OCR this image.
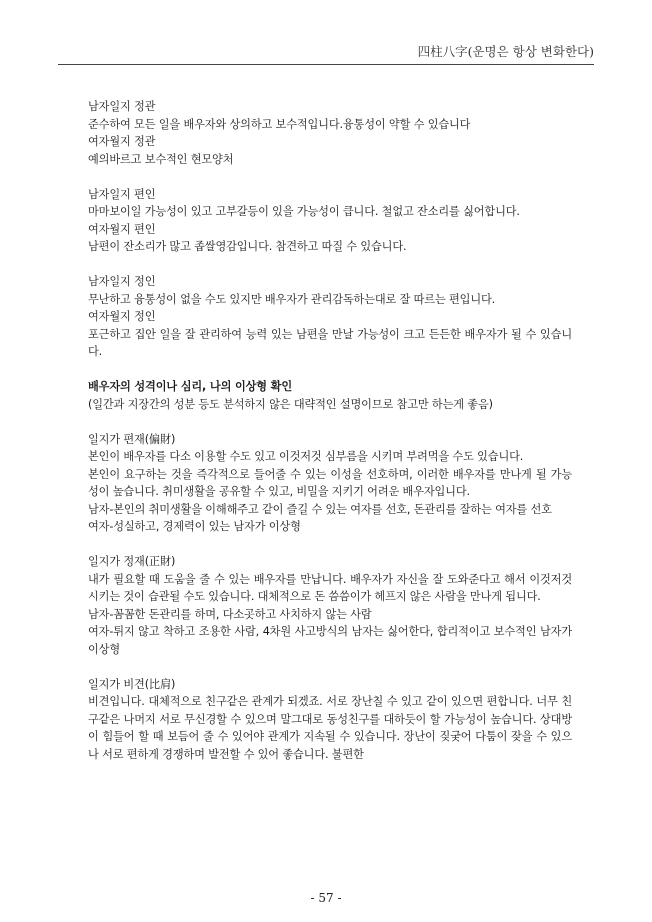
四柱八字(운명은 항상 변화한다)

남자일지 정관

준수하여 모든 일을 배우자와 상의하고 보수적입니다.융통성이 약할 수 있습니다

여자월지 정관

예의바르고 보수적인 현모양처

남자일지 편인

마마보이일 가능성이 있고 고부갈등이 있을 가능성이 큽니다. 철없고 잔소리를 싫어합니다.

여자월지 편인

남편이 잔소리가 많고 좁쌀영감입니다. 참견하고 따질 수 있습니다.

남자일지 정인

무난하고 융통성이 없을 수도 있지만 배우자가 관리감독하는대로 잘 따르는 편입니다.

여자월지 정인

포근하고 집안 일을 잘 관리하여 능력 있는 남편을 만날 가능성이 크고 든든한 배우자가 될 수 있습니다.

배우자의 성격이나 심리, 나의 이상형 확인

(일간과 지장간의 성분 등도 분석하지 않은 대략적인 설명이므로 참고만 하는게 좋음)

일지가 편재(偏財)

본인이 배우자를 다소 이용할 수도 있고 이것저것 심부름을 시키며 부려먹을 수도 있습니다.

본인이 요구하는 것을 즉각적으로 들어줄 수 있는 이성을 선호하며, 이러한 배우자를 만나게 될 가능성이 높습니다. 취미생활을 공유할 수 있고, 비밀을 지키기 어려운 배우자입니다.

남자-본인의 취미생활을 이해해주고 같이 즐길 수 있는 여자를 선호, 돈관리를 잘하는 여자를 선호

여자-성실하고, 경제력이 있는 남자가 이상형

일지가 정재(正財)

내가 필요할 때 도움을 줄 수 있는 배우자를 만납니다. 배우자가 자신을 잘 도와준다고 해서 이것저것 시키는 것이 습관될 수도 있습니다. 대체적으로 돈 씀씀이가 헤프지 않은 사람을 만나게 됩니다.

남자-꼼꼼한 돈관리를 하며, 다소곳하고 사치하지 않는 사람

여자-튀지 않고 착하고 조용한 사람, 4차원 사고방식의 남자는 싫어한다, 합리적이고 보수적인 남자가 이상형

일지가 비견(比肩)

비견입니다. 대체적으로 친구같은 관계가 되겠죠. 서로 장난칠 수 있고 같이 있으면 편합니다. 너무 친구같은 나머지 서로 무신경할 수 있으며 말그대로 동성친구를 대하듯이 할 가능성이 높습니다. 상대방이 힘들어 할 때 보듬어 줄 수 있어야 관계가 지속될 수 있습니다. 장난이 짖궂어 다툼이 잦을 수 있으나 서로 편하게 경쟁하며 발전할 수 있어 좋습니다. 불편한

- 57 -
